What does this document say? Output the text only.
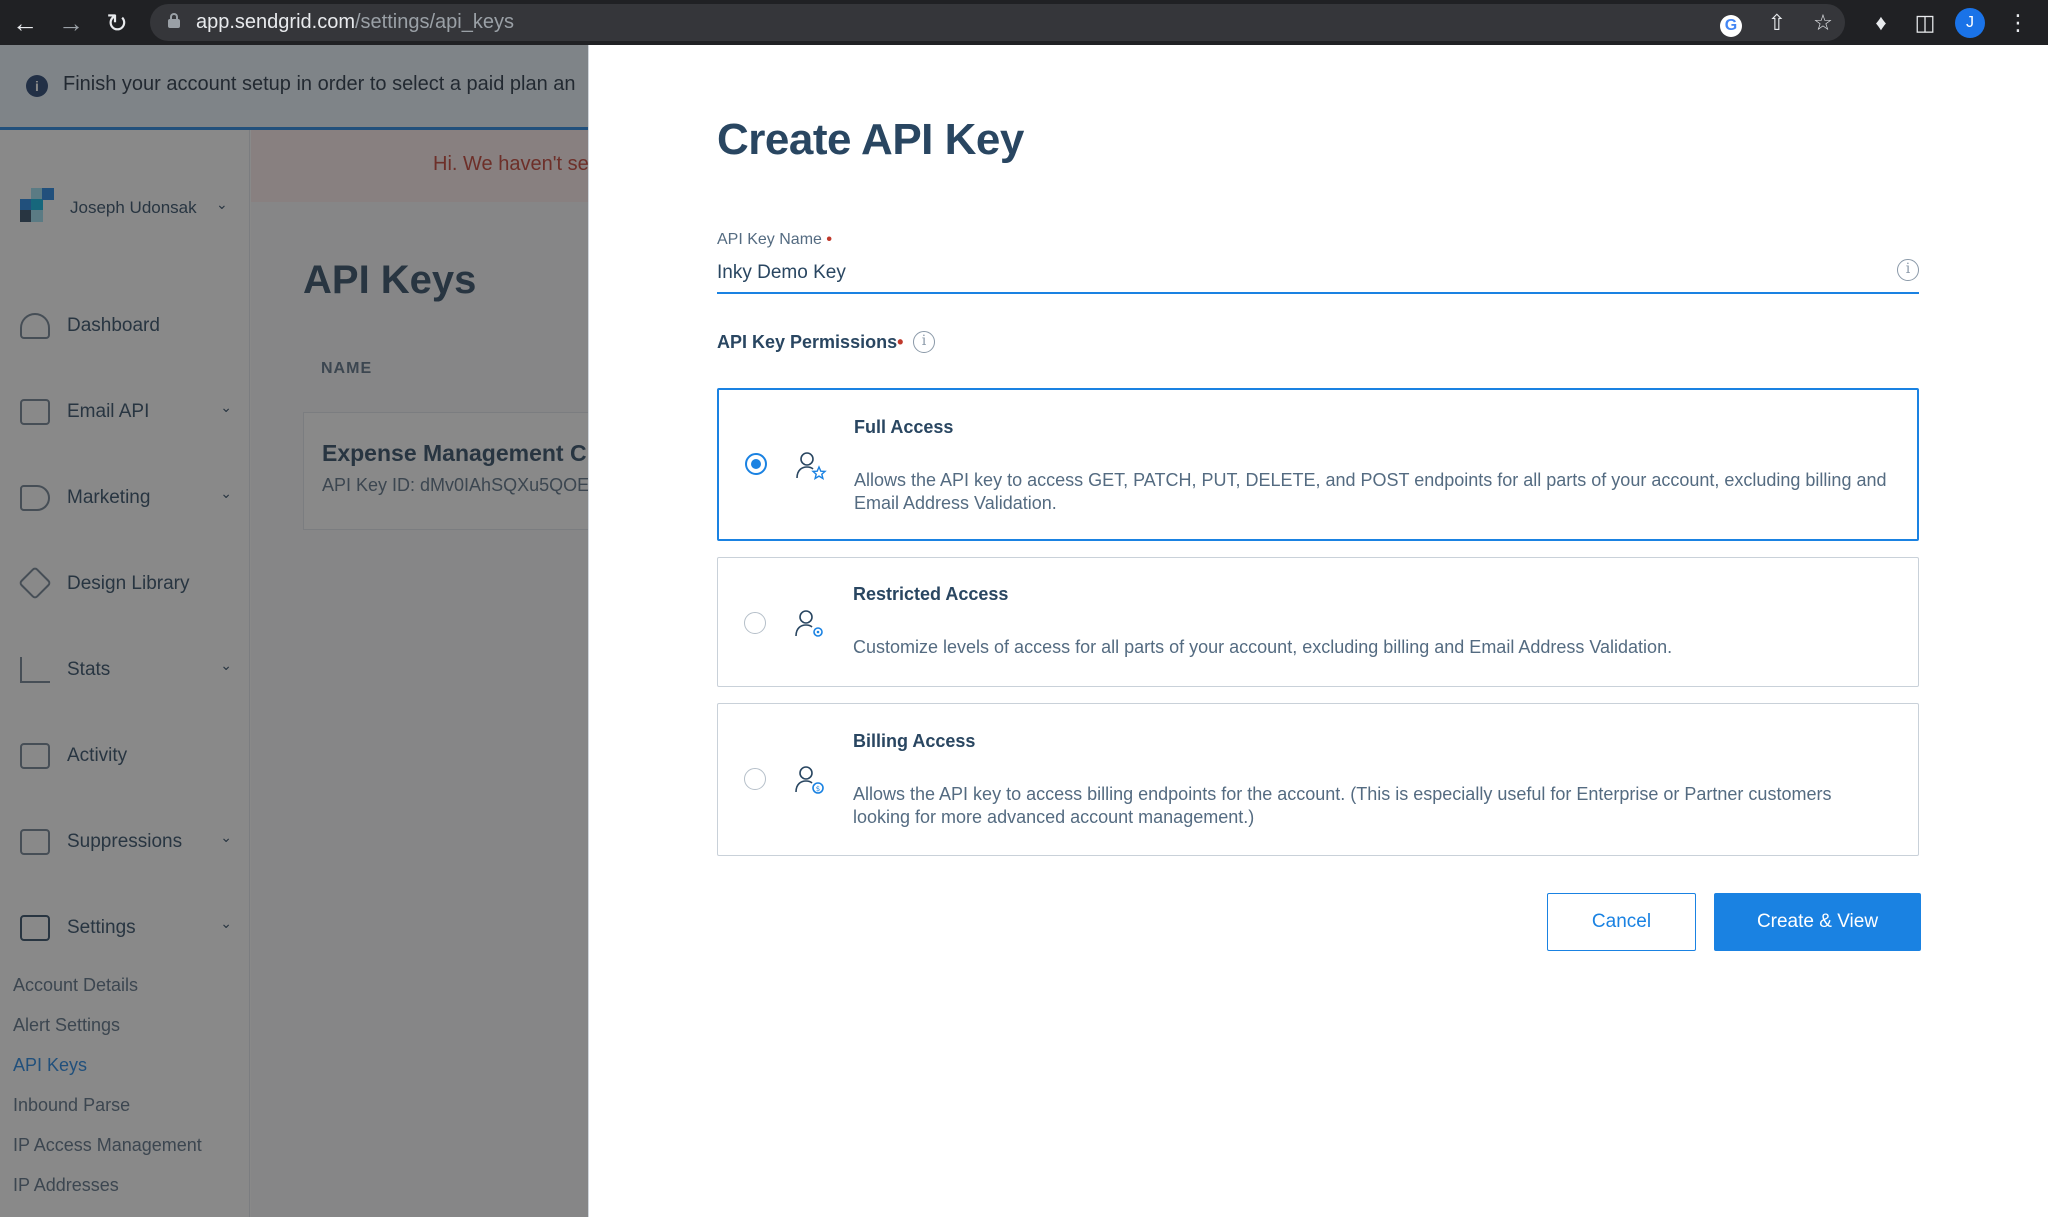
← → ↻	app.sendgrid.com/settings/api_keys	G	⇧ ☆	♦	◫	J	⋮
Create API Key
API Key Name •
Inky Demo Key
i
API Key Permissions•	i
Full Access
Allows the API key to access GET, PATCH, PUT, DELETE, and POST endpoints for all parts of your account, excluding billing and Email Address Validation.
Restricted Access
Customize levels of access for all parts of your account, excluding billing and Email Address Validation.
$
Billing Access
Allows the API key to access billing endpoints for the account. (This is especially useful for Enterprise or Partner customers looking for more advanced account management.)
Cancel	Create & View
